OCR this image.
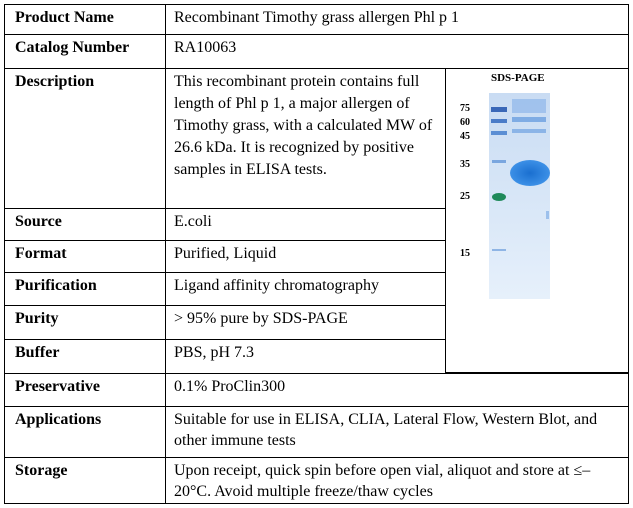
Product Name	Recombinant Timothy grass allergen Phl p 1
Catalog Number	RA10063
Description	This recombinant protein contains full length of Phl p 1, a major allergen of Timothy grass, with a calculated MW of 26.6 kDa. It is recognized by positive samples in ELISA tests.
Source	E.coli
Format	Purified, Liquid
Purification	Ligand affinity chromatography
Purity	> 95% pure by SDS-PAGE
Buffer	PBS, pH 7.3
Preservative	0.1% ProClin300
Applications	Suitable for use in ELISA, CLIA, Lateral Flow, Western Blot, and other immune tests
Storage	Upon receipt, quick spin before open vial, aliquot and store at ≤–20°C. Avoid multiple freeze/thaw cycles
SDS-PAGE
75
60
45
35
25
15
